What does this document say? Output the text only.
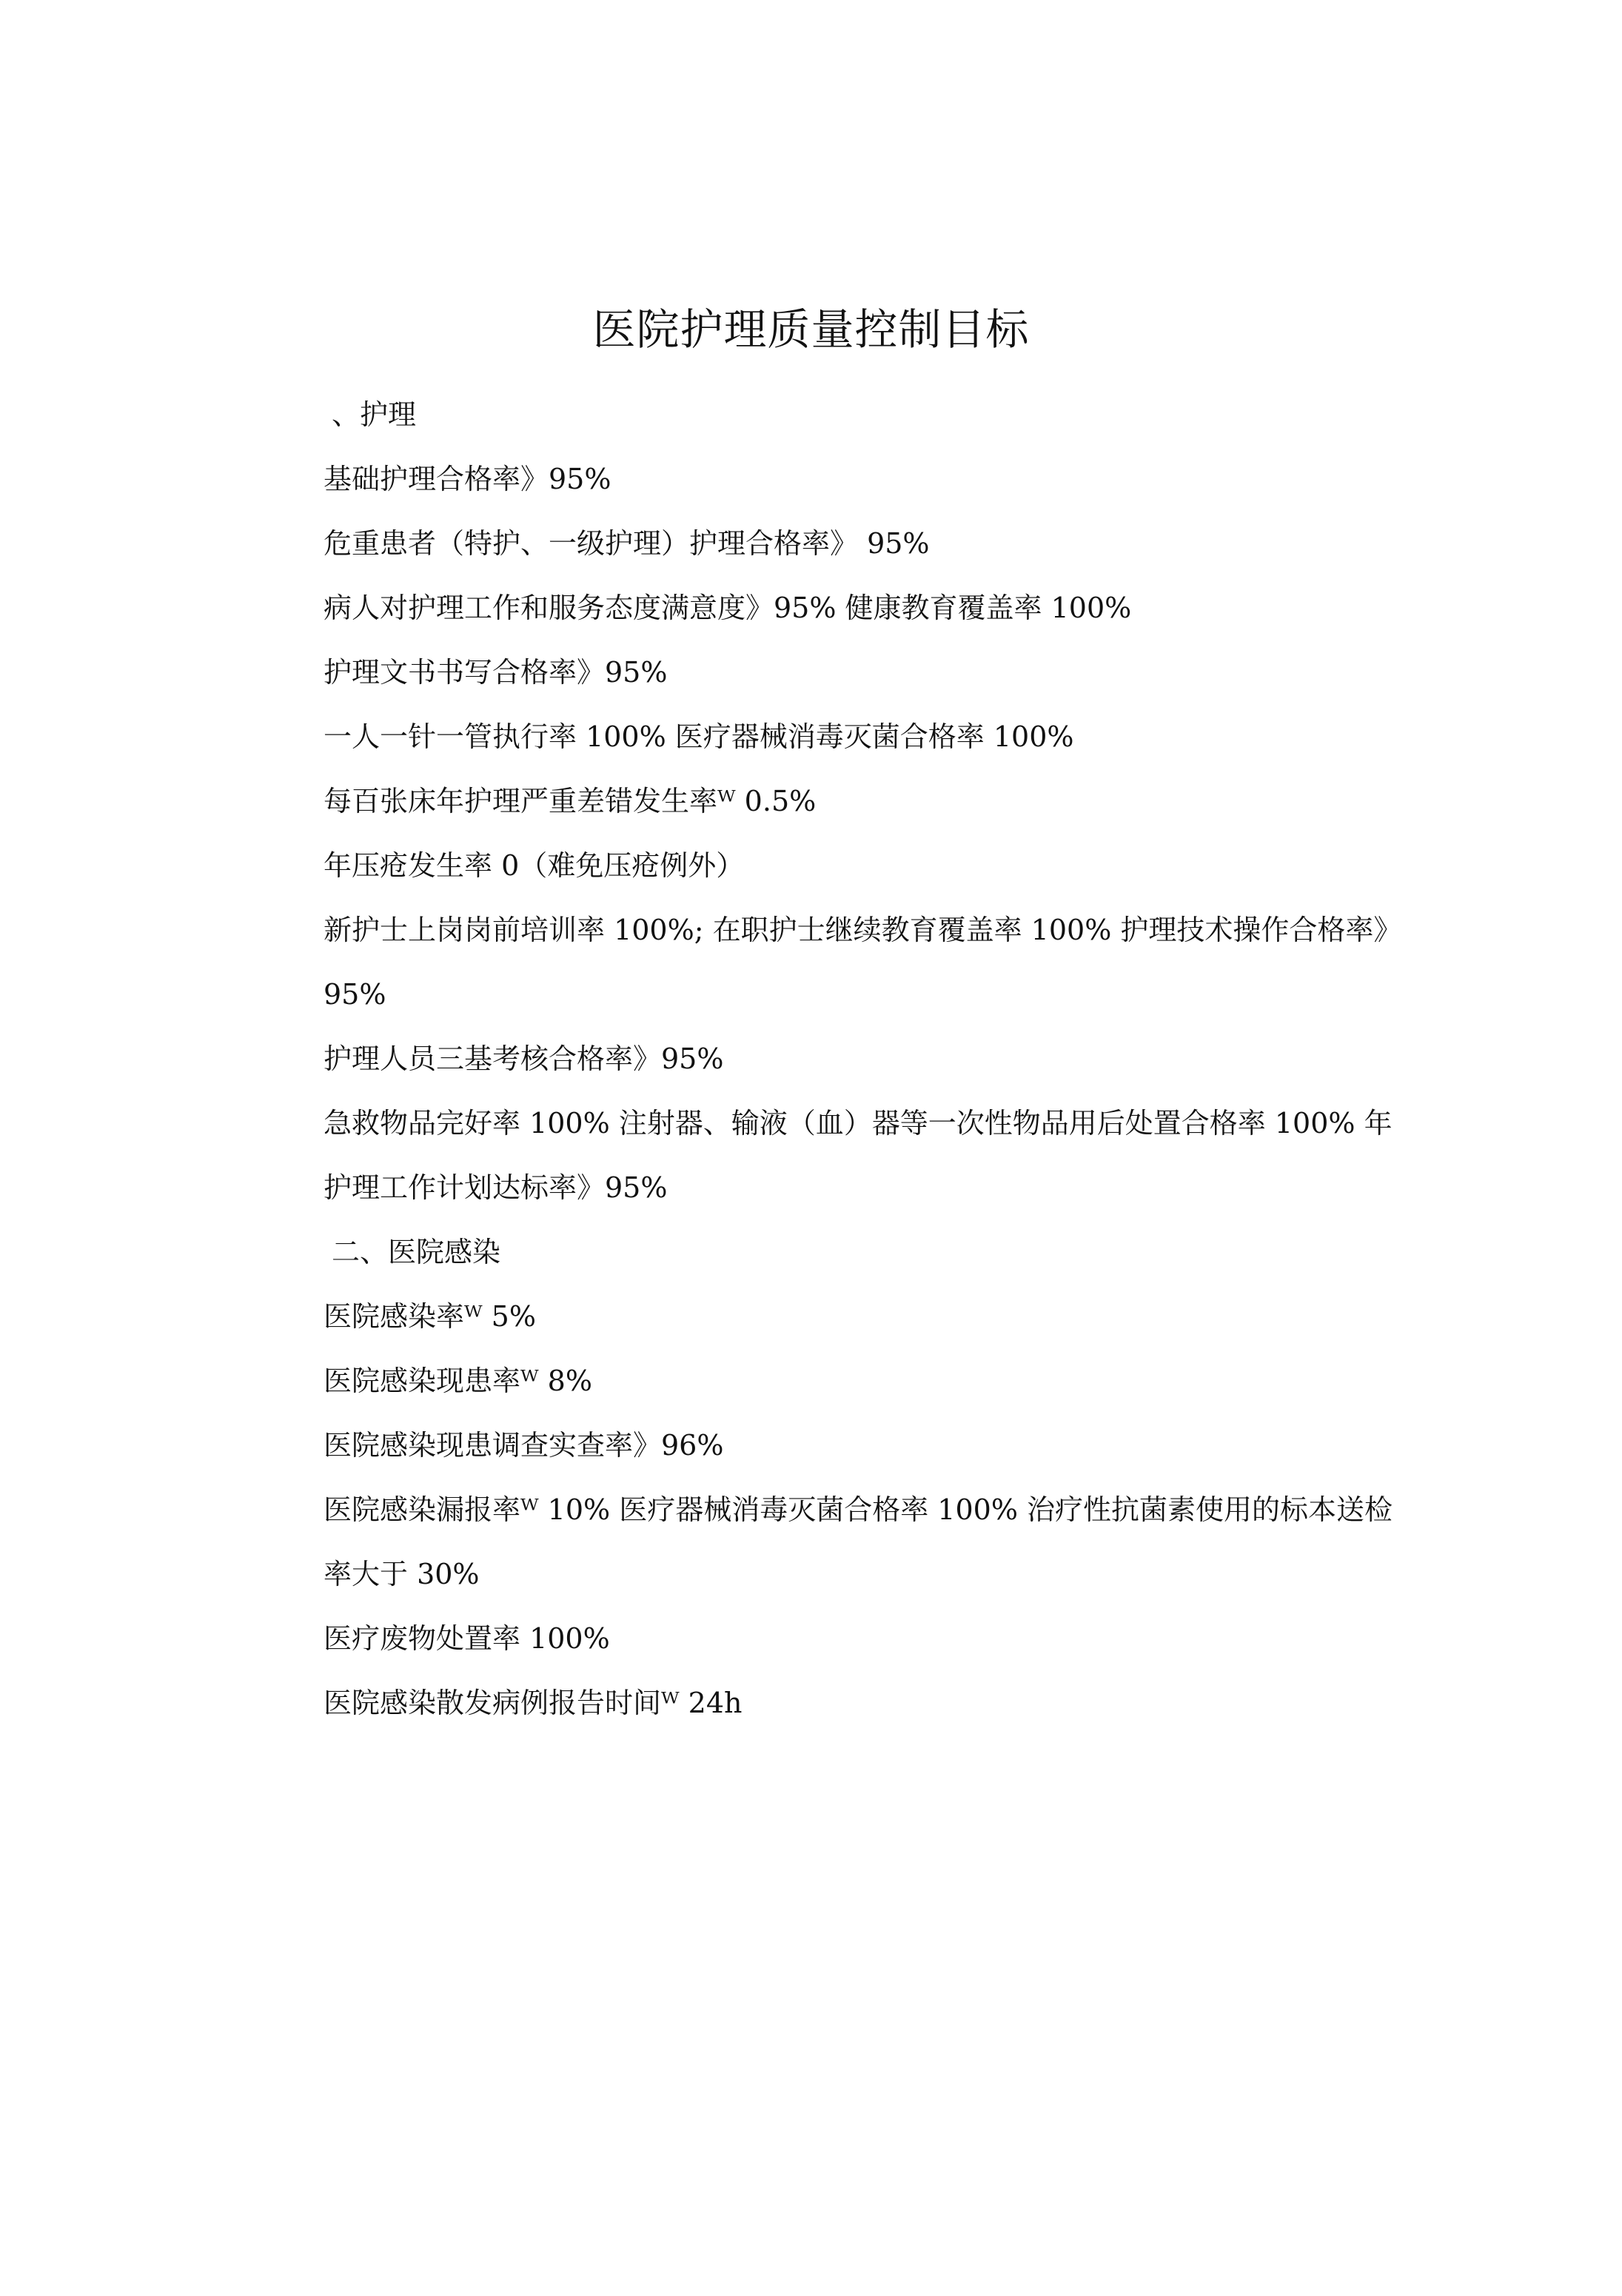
医院护理质量控制目标
、护理
基础护理合格率》95%
危重患者（特护、一级护理）护理合格率》 95%
病人对护理工作和服务态度满意度》95% 健康教育覆盖率 100%
护理文书书写合格率》95%
一人一针一管执行率 100% 医疗器械消毒灭菌合格率 100%
每百张床年护理严重差错发生率ᵂ 0.5%
年压疮发生率 0（难免压疮例外）
新护士上岗岗前培训率 100%; 在职护士继续教育覆盖率 100% 护理技术操作合格率》
95%
护理人员三基考核合格率》95%
急救物品完好率 100% 注射器、输液（血）器等一次性物品用后处置合格率 100% 年
护理工作计划达标率》95%
二、医院感染
医院感染率ᵂ 5%
医院感染现患率ᵂ 8%
医院感染现患调查实查率》96%
医院感染漏报率ᵂ 10% 医疗器械消毒灭菌合格率 100% 治疗性抗菌素使用的标本送检
率大于 30%
医疗废物处置率 100%
医院感染散发病例报告时间ᵂ 24h
